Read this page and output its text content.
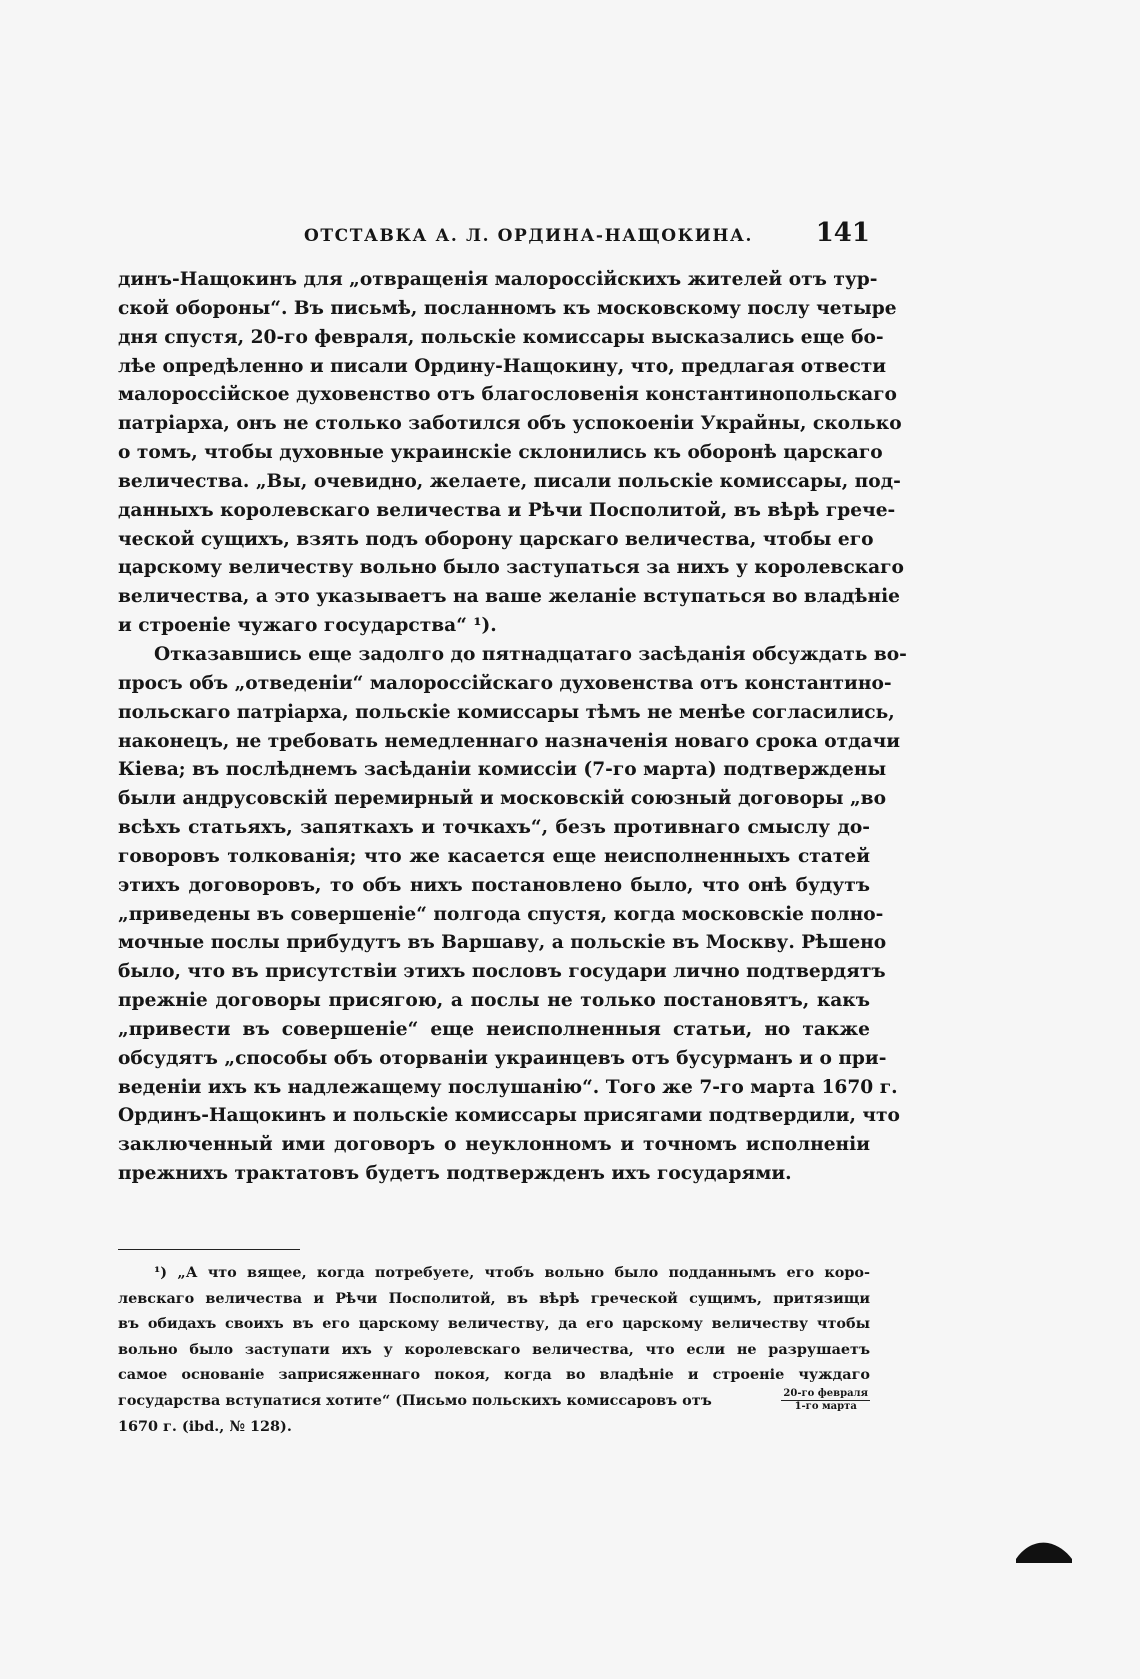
ОТСТАВКА А. Л. ОРДИНА-НАЩОКИНА. 141
динъ-Нащокинъ для „отвращенія малороссійскихъ жителей отъ тур-
ской обороны“. Въ письмѣ, посланномъ къ московскому послу четыре
дня спустя, 20-го февраля, польскіе комиссары высказались еще бо-
лѣе опредѣленно и писали Ордину-Нащокину, что, предлагая отвести
малороссійское духовенство отъ благословенія константинопольскаго
патріарха, онъ не столько заботился объ успокоеніи Украйны, сколько
о томъ, чтобы духовные украинскіе склонились къ оборонѣ царскаго
величества. „Вы, очевидно, желаете, писали польскіе комиссары, под-
данныхъ королевскаго величества и Рѣчи Посполитой, въ вѣрѣ грече-
ческой сущихъ, взять подъ оборону царскаго величества, чтобы его
царскому величеству вольно было заступаться за нихъ у королевскаго
величества, а это указываетъ на ваше желаніе вступаться во владѣніе
и строеніе чужаго государства“ ¹).
Отказавшись еще задолго до пятнадцатаго засѣданія обсуждать во-
просъ объ „отведеніи“ малороссійскаго духовенства отъ константино-
польскаго патріарха, польскіе комиссары тѣмъ не менѣе согласились,
наконецъ, не требовать немедленнаго назначенія новаго срока отдачи
Кіева; въ послѣднемъ засѣданіи комиссіи (7-го марта) подтверждены
были андрусовскій перемирный и московскій союзный договоры „во
всѣхъ статьяхъ, запяткахъ и точкахъ“, безъ противнаго смыслу до-
говоровъ толкованія; что же касается еще неисполненныхъ статей
этихъ договоровъ, то объ нихъ постановлено было, что онѣ будутъ
„приведены въ совершеніе“ полгода спустя, когда московскіе полно-
мочные послы прибудутъ въ Варшаву, а польскіе въ Москву. Рѣшено
было, что въ присутствіи этихъ пословъ государи лично подтвердятъ
прежніе договоры присягою, а послы не только постановятъ, какъ
„привести въ совершеніе“ еще неисполненныя статьи, но также
обсудятъ „способы объ оторваніи украинцевъ отъ бусурманъ и о при-
веденіи ихъ къ надлежащему послушанію“. Того же 7-го марта 1670 г.
Ординъ-Нащокинъ и польскіе комиссары присягами подтвердили, что
заключенный ими договоръ о неуклонномъ и точномъ исполненіи
прежнихъ трактатовъ будетъ подтвержденъ ихъ государями.
¹) „А что вящее, когда потребуете, чтобъ вольно было подданнымъ его коро-
левскаго величества и Рѣчи Посполитой, въ вѣрѣ греческой сущимъ, притязищи
въ обидахъ своихъ въ его царскому величеству, да его царскому величеству чтобы
вольно было заступати ихъ у королевскаго величества, что если не разрушаетъ
самое основаніе заприсяженнаго покоя, когда во владѣніе и строеніе чуждаго
государства вступатися хотите“ (Письмо польскихъ комиссаровъ отъ	$\frac{\text{20-го февраля}}{\text{1-го марта}}$
1670 г. (ibd., № 128).
